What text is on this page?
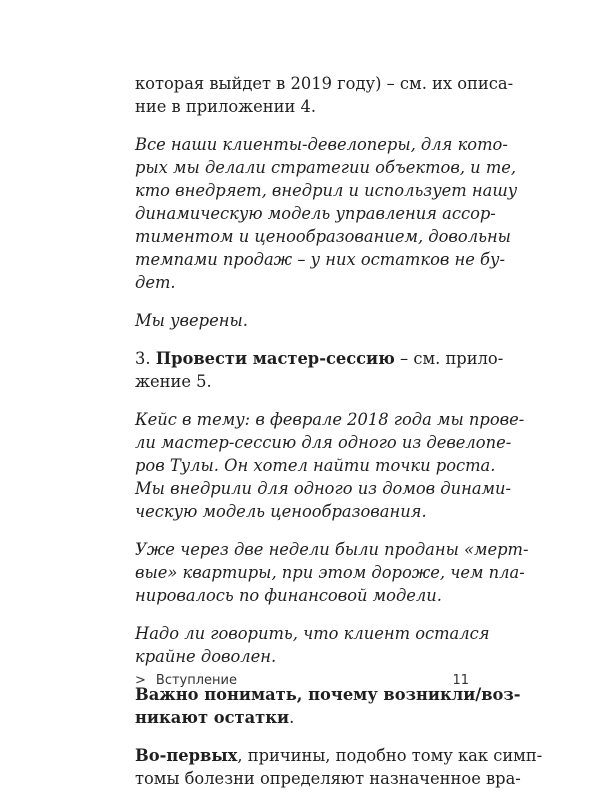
которая выйдет в 2019 году) – см. их описа-
ние в приложении 4.
Все наши клиенты-девелоперы, для кото-
рых мы делали стратегии объектов, и те,
кто внедряет, внедрил и использует нашу
динамическую модель управления ассор-
тиментом и ценообразованием, довольны
темпами продаж – у них остатков не бу-
дет.
Мы уверены.
3. Провести мастер-сессию – см. прило-
жение 5.
Кейс в тему: в феврале 2018 года мы прове-
ли мастер-сессию для одного из девелопе-
ров Тулы. Он хотел найти точки роста.
Мы внедрили для одного из домов динами-
ческую модель ценообразования.
Уже через две недели были проданы «мерт-
вые» квартиры, при этом дороже, чем пла-
нировалось по финансовой модели.
Надо ли говорить, что клиент остался
крайне доволен.
Важно понимать, почему возникли/воз-
никают остатки.
Во-первых, причины, подобно тому как симп-
томы болезни определяют назначенное вра-
> Вступление	11
